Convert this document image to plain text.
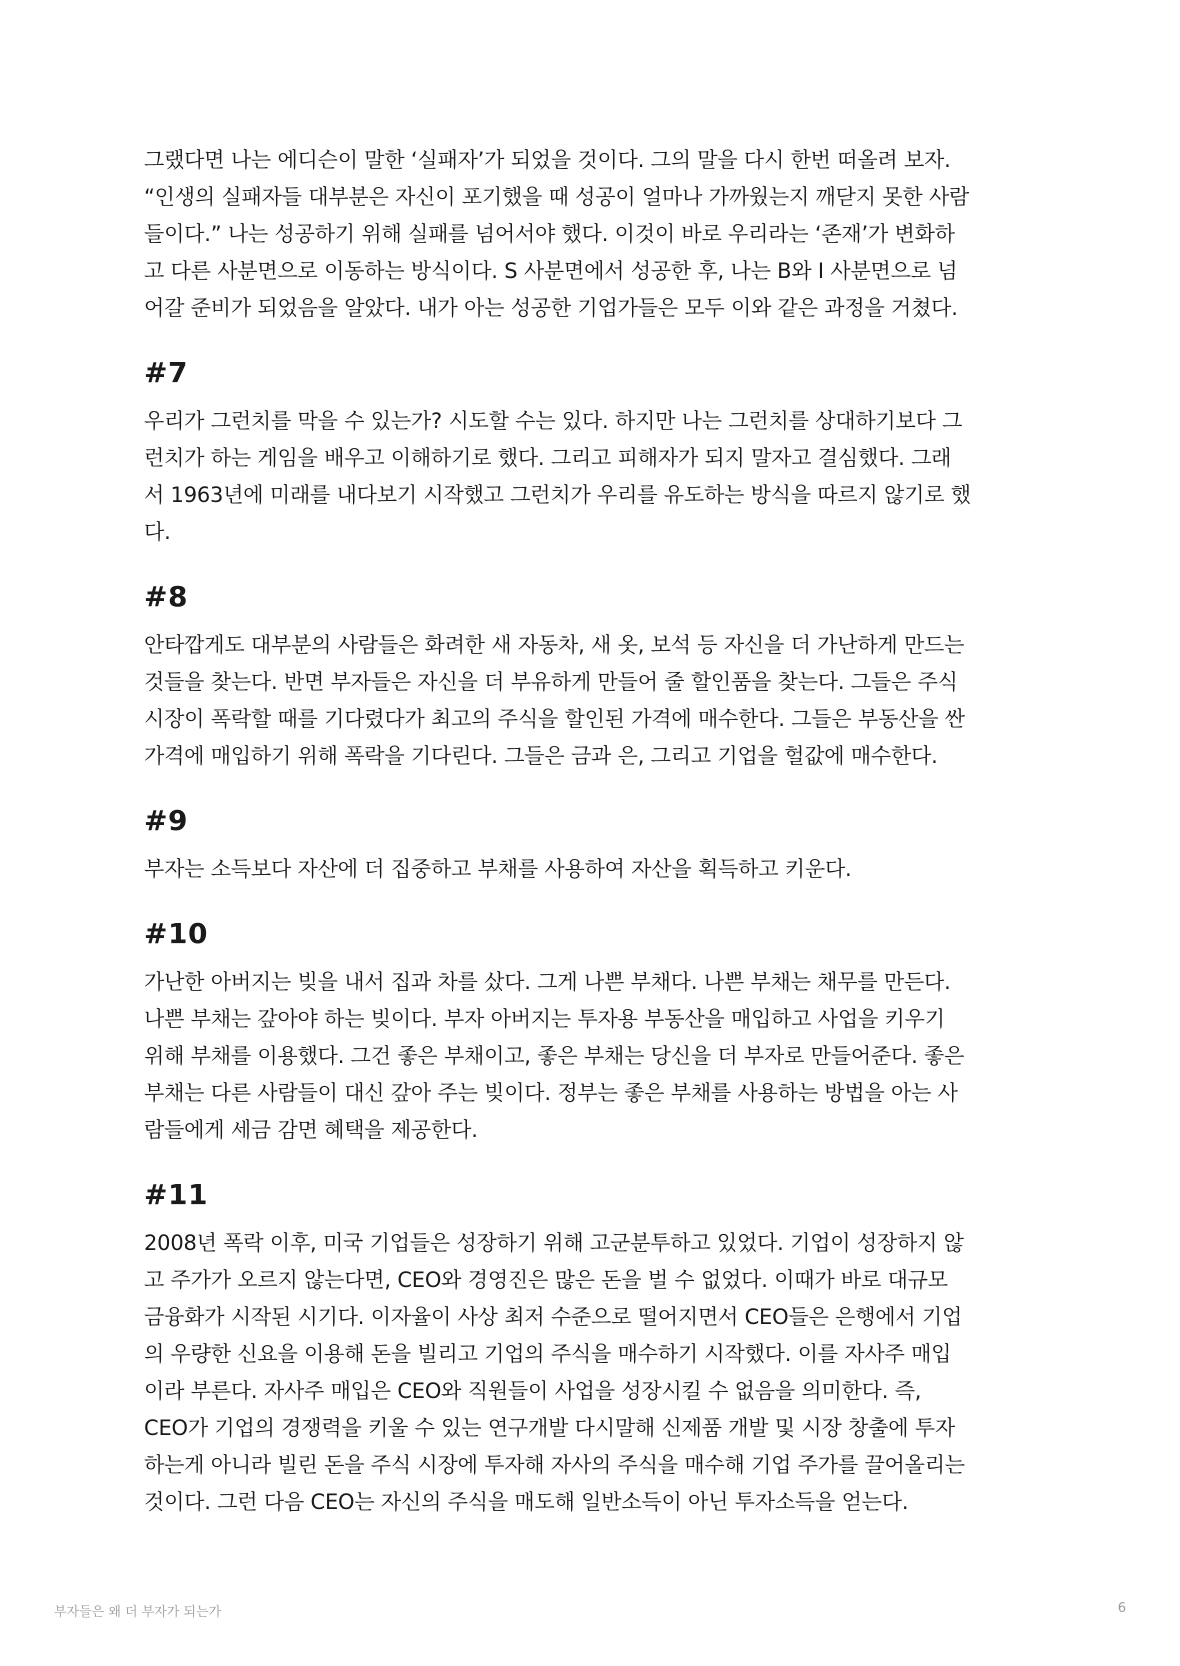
그랬다면 나는 에디슨이 말한 ‘실패자’가 되었을 것이다. 그의 말을 다시 한번 떠올려 보자.
“인생의 실패자들 대부분은 자신이 포기했을 때 성공이 얼마나 가까웠는지 깨닫지 못한 사람
들이다.” 나는 성공하기 위해 실패를 넘어서야 했다. 이것이 바로 우리라는 ‘존재’가 변화하
고 다른 사분면으로 이동하는 방식이다. S 사분면에서 성공한 후, 나는 B와 I 사분면으로 넘
어갈 준비가 되었음을 알았다. 내가 아는 성공한 기업가들은 모두 이와 같은 과정을 거쳤다.

#7

우리가 그런치를 막을 수 있는가? 시도할 수는 있다. 하지만 나는 그런치를 상대하기보다 그
런치가 하는 게임을 배우고 이해하기로 했다. 그리고 피해자가 되지 말자고 결심했다. 그래
서 1963년에 미래를 내다보기 시작했고 그런치가 우리를 유도하는 방식을 따르지 않기로 했
다.

#8

안타깝게도 대부분의 사람들은 화려한 새 자동차, 새 옷, 보석 등 자신을 더 가난하게 만드는
것들을 찾는다. 반면 부자들은 자신을 더 부유하게 만들어 줄 할인품을 찾는다. 그들은 주식
시장이 폭락할 때를 기다렸다가 최고의 주식을 할인된 가격에 매수한다. 그들은 부동산을 싼
가격에 매입하기 위해 폭락을 기다린다. 그들은 금과 은, 그리고 기업을 헐값에 매수한다.

#9

부자는 소득보다 자산에 더 집중하고 부채를 사용하여 자산을 획득하고 키운다.

#10

가난한 아버지는 빚을 내서 집과 차를 샀다. 그게 나쁜 부채다. 나쁜 부채는 채무를 만든다.
나쁜 부채는 갚아야 하는 빚이다. 부자 아버지는 투자용 부동산을 매입하고 사업을 키우기
위해 부채를 이용했다. 그건 좋은 부채이고, 좋은 부채는 당신을 더 부자로 만들어준다. 좋은
부채는 다른 사람들이 대신 갚아 주는 빚이다. 정부는 좋은 부채를 사용하는 방법을 아는 사
람들에게 세금 감면 혜택을 제공한다.

#11

2008년 폭락 이후, 미국 기업들은 성장하기 위해 고군분투하고 있었다. 기업이 성장하지 않
고 주가가 오르지 않는다면, CEO와 경영진은 많은 돈을 벌 수 없었다. 이때가 바로 대규모
금융화가 시작된 시기다. 이자율이 사상 최저 수준으로 떨어지면서 CEO들은 은행에서 기업
의 우량한 신요을 이용해 돈을 빌리고 기업의 주식을 매수하기 시작했다. 이를 자사주 매입
이라 부른다. 자사주 매입은 CEO와 직원들이 사업을 성장시킬 수 없음을 의미한다. 즉,
CEO가 기업의 경쟁력을 키울 수 있는 연구개발 다시말해 신제품 개발 및 시장 창출에 투자
하는게 아니라 빌린 돈을 주식 시장에 투자해 자사의 주식을 매수해 기업 주가를 끌어올리는
것이다. 그런 다음 CEO는 자신의 주식을 매도해 일반소득이 아닌 투자소득을 얻는다.

부자들은 왜 더 부자가 되는가	6
